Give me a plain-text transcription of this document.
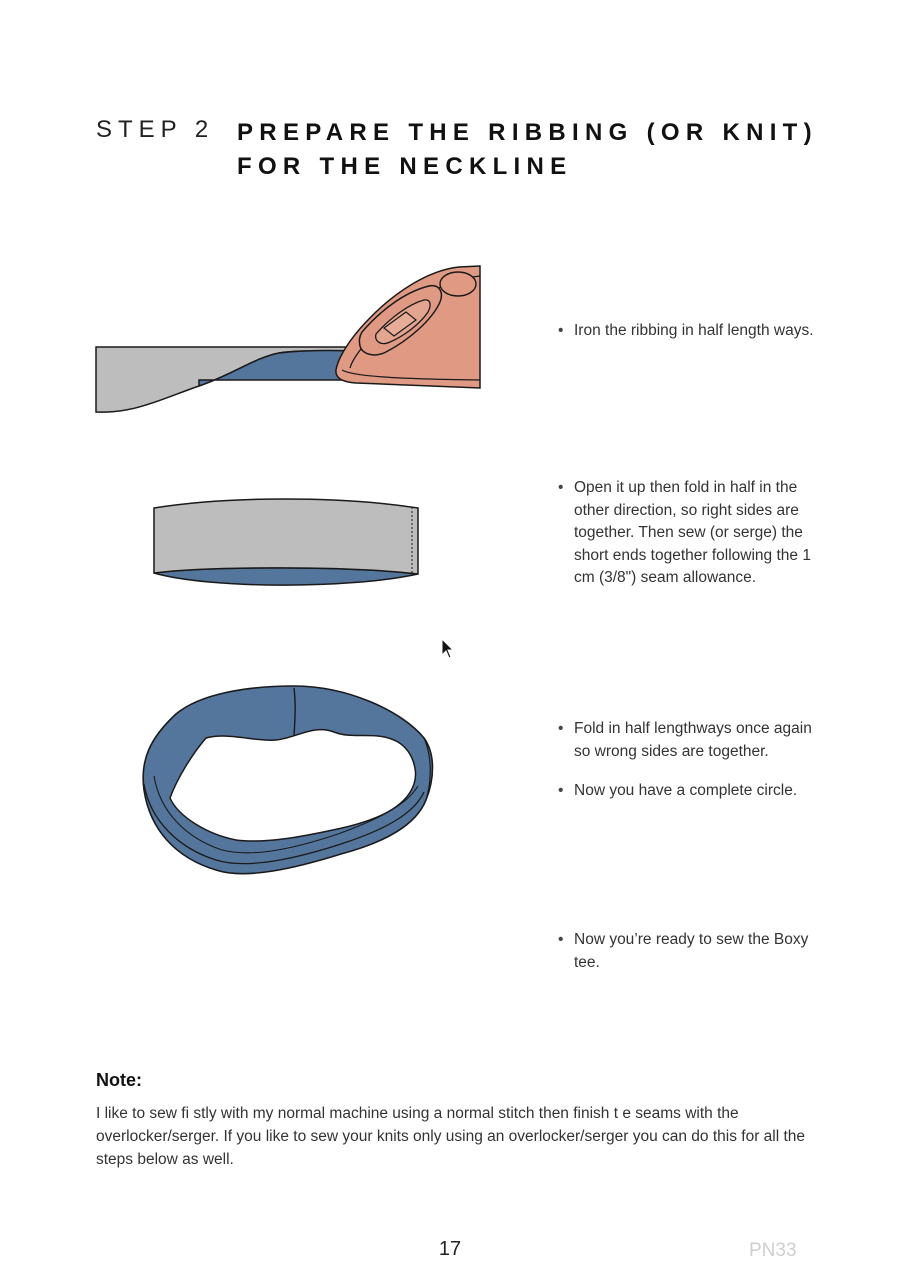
STEP 2 PREPARE THE RIBBING (OR KNIT)
FOR THE NECKLINE
• Iron the ribbing in half length ways.
• Open it up then fold in half in the other direction, so right sides are together. Then sew (or serge) the short ends together following the 1 cm (3/8") seam allowance.
• Fold in half lengthways once again so wrong sides are together.
• Now you have a complete circle.
• Now you’re ready to sew the Boxy tee.
Note:
I like to sew fi stly with my normal machine using a normal stitch then finish t e seams with the overlocker/serger. If you like to sew your knits only using an overlocker/serger you can do this for all the steps below as well.
17	PN33
